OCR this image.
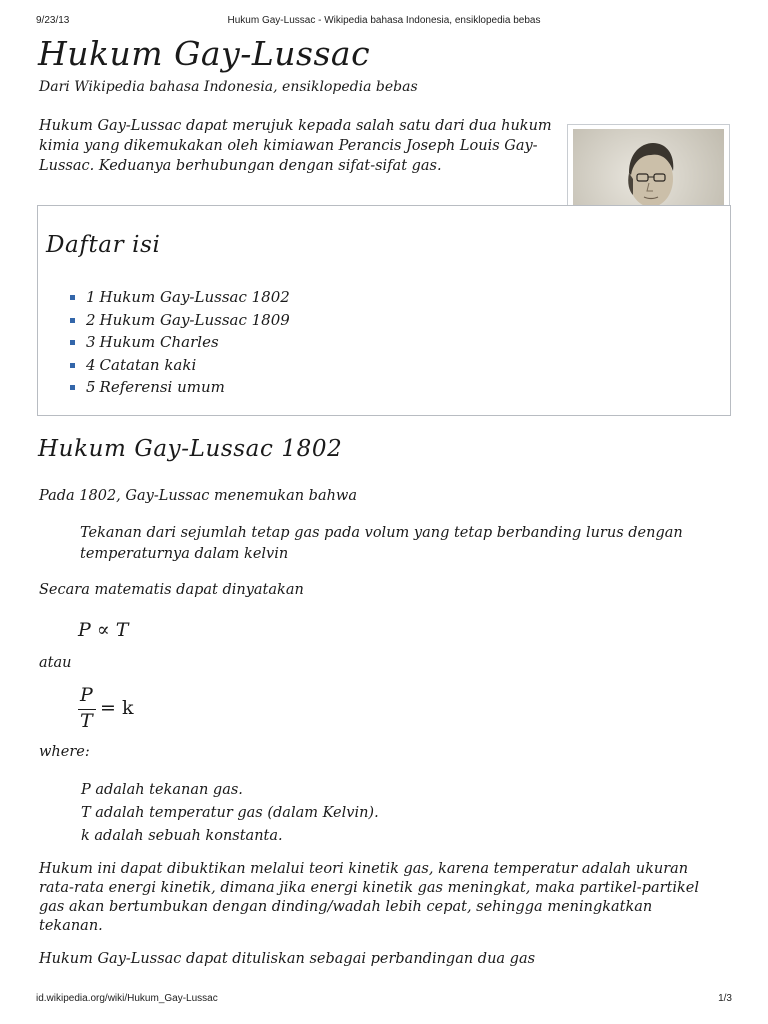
9/23/13	Hukum Gay-Lussac - Wikipedia bahasa Indonesia, ensiklopedia bebas
Hukum Gay-Lussac
Dari Wikipedia bahasa Indonesia, ensiklopedia bebas

Hukum Gay-Lussac dapat merujuk kepada salah satu dari dua hukum kimia yang dikemukakan oleh kimiawan Perancis Joseph Louis Gay-Lussac. Keduanya berhubungan dengan sifat-sifat gas.

Daftar isi
1 Hukum Gay-Lussac 1802
2 Hukum Gay-Lussac 1809
3 Hukum Charles
4 Catatan kaki
5 Referensi umum
Hukum Gay-Lussac 1802

Pada 1802, Gay-Lussac menemukan bahwa

Tekanan dari sejumlah tetap gas pada volum yang tetap berbanding lurus dengan temperaturnya dalam kelvin

Secara matematis dapat dinyatakan

P ∝ T

atau

P
T
= k

where:

P adalah tekanan gas.
T adalah temperatur gas (dalam Kelvin).
k adalah sebuah konstanta.

Hukum ini dapat dibuktikan melalui teori kinetik gas, karena temperatur adalah ukuran rata-rata energi kinetik, dimana jika energi kinetik gas meningkat, maka partikel-partikel gas akan bertumbukan dengan dinding/wadah lebih cepat, sehingga meningkatkan tekanan.

Hukum Gay-Lussac dapat dituliskan sebagai perbandingan dua gas

id.wikipedia.org/wiki/Hukum_Gay-Lussac	1/3
